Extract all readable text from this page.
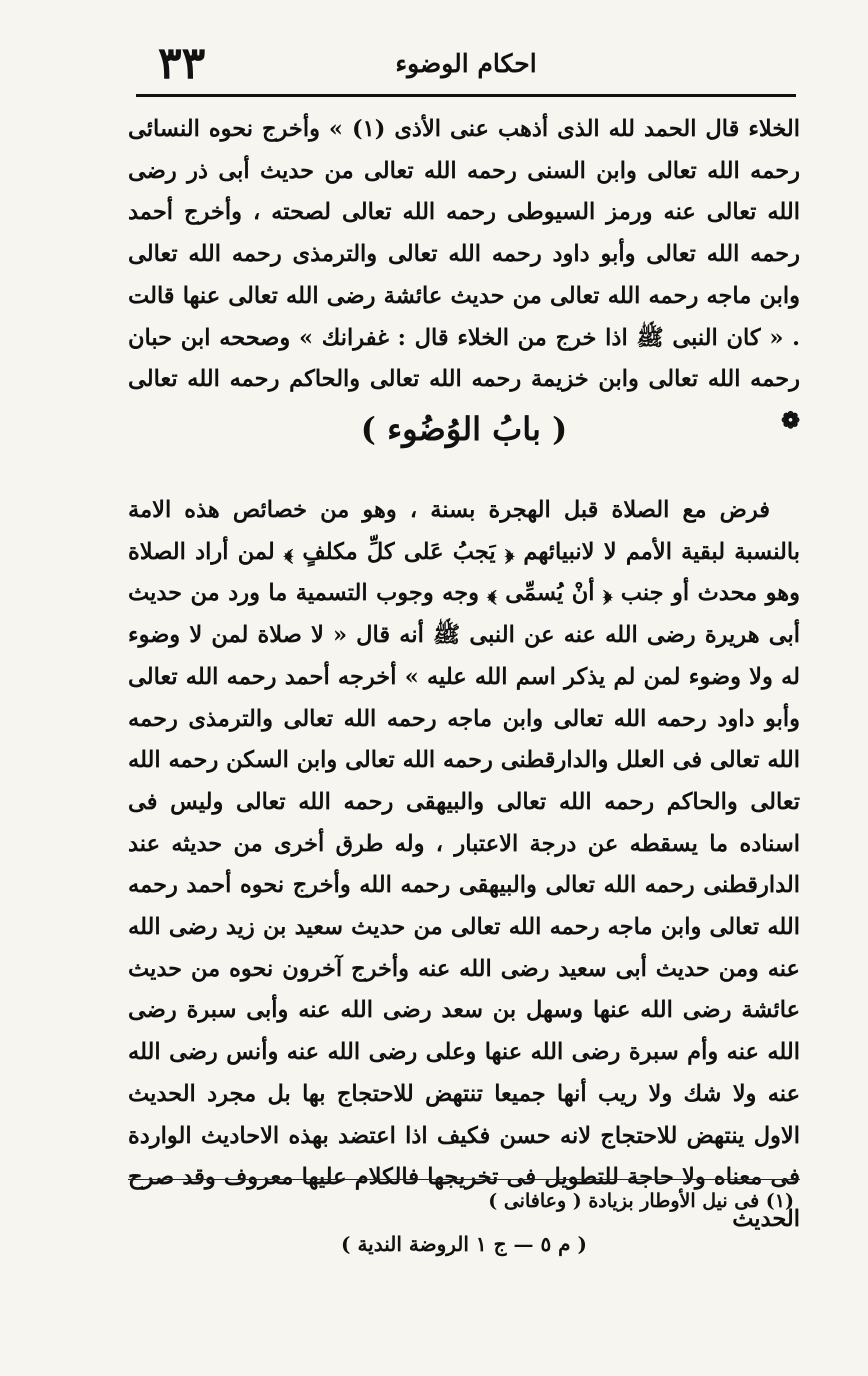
احكام الوضوء
٣٣

الخلاء قال الحمد لله الذى أذهب عنى الأذى (١) » وأخرج نحوه النسائى رحمه الله تعالى وابن السنى رحمه الله تعالى من حديث أبى ذر رضى الله تعالى عنه ورمز السيوطى رحمه الله تعالى لصحته ، وأخرج أحمد رحمه الله تعالى وأبو داود رحمه الله تعالى والترمذى رحمه الله تعالى وابن ماجه رحمه الله تعالى من حديث عائشة رضى الله تعالى عنها قالت . « كان النبى ﷺ اذا خرج من الخلاء قال : غفرانك » وصححه ابن حبان رحمه الله تعالى وابن خزيمة رحمه الله تعالى والحاكم رحمه الله تعالى ❁

( بابُ الوُضُوء )

فرض مع الصلاة قبل الهجرة بسنة ، وهو من خصائص هذه الامة بالنسبة لبقية الأمم لا لانبيائهم ﴿ يَجبُ عَلى كلِّ مكلفٍ ﴾ لمن أراد الصلاة وهو محدث أو جنب ﴿ أنْ يُسمِّى ﴾ وجه وجوب التسمية ما ورد من حديث أبى هريرة رضى الله عنه عن النبى ﷺ أنه قال « لا صلاة لمن لا وضوء له ولا وضوء لمن لم يذكر اسم الله عليه » أخرجه أحمد رحمه الله تعالى وأبو داود رحمه الله تعالى وابن ماجه رحمه الله تعالى والترمذى رحمه الله تعالى فى العلل والدارقطنى رحمه الله تعالى وابن السكن رحمه الله تعالى والحاكم رحمه الله تعالى والبيهقى رحمه الله تعالى وليس فى اسناده ما يسقطه عن درجة الاعتبار ، وله طرق أخرى من حديثه عند الدارقطنى رحمه الله تعالى والبيهقى رحمه الله وأخرج نحوه أحمد رحمه الله تعالى وابن ماجه رحمه الله تعالى من حديث سعيد بن زيد رضى الله عنه ومن حديث أبى سعيد رضى الله عنه وأخرج آخرون نحوه من حديث عائشة رضى الله عنها وسهل بن سعد رضى الله عنه وأبى سبرة رضى الله عنه وأم سبرة رضى الله عنها وعلى رضى الله عنه وأنس رضى الله عنه ولا شك ولا ريب أنها جميعا تنتهض للاحتجاج بها بل مجرد الحديث الاول ينتهض للاحتجاج لانه حسن فكيف اذا اعتضد بهذه الاحاديث الواردة فى معناه ولا حاجة للتطويل فى تخريجها فالكلام عليها معروف وقد صرح الحديث

(١) فى نيل الأوطار بزيادة ( وعافانى )
( م ٥ — ج ١ الروضة الندية )
